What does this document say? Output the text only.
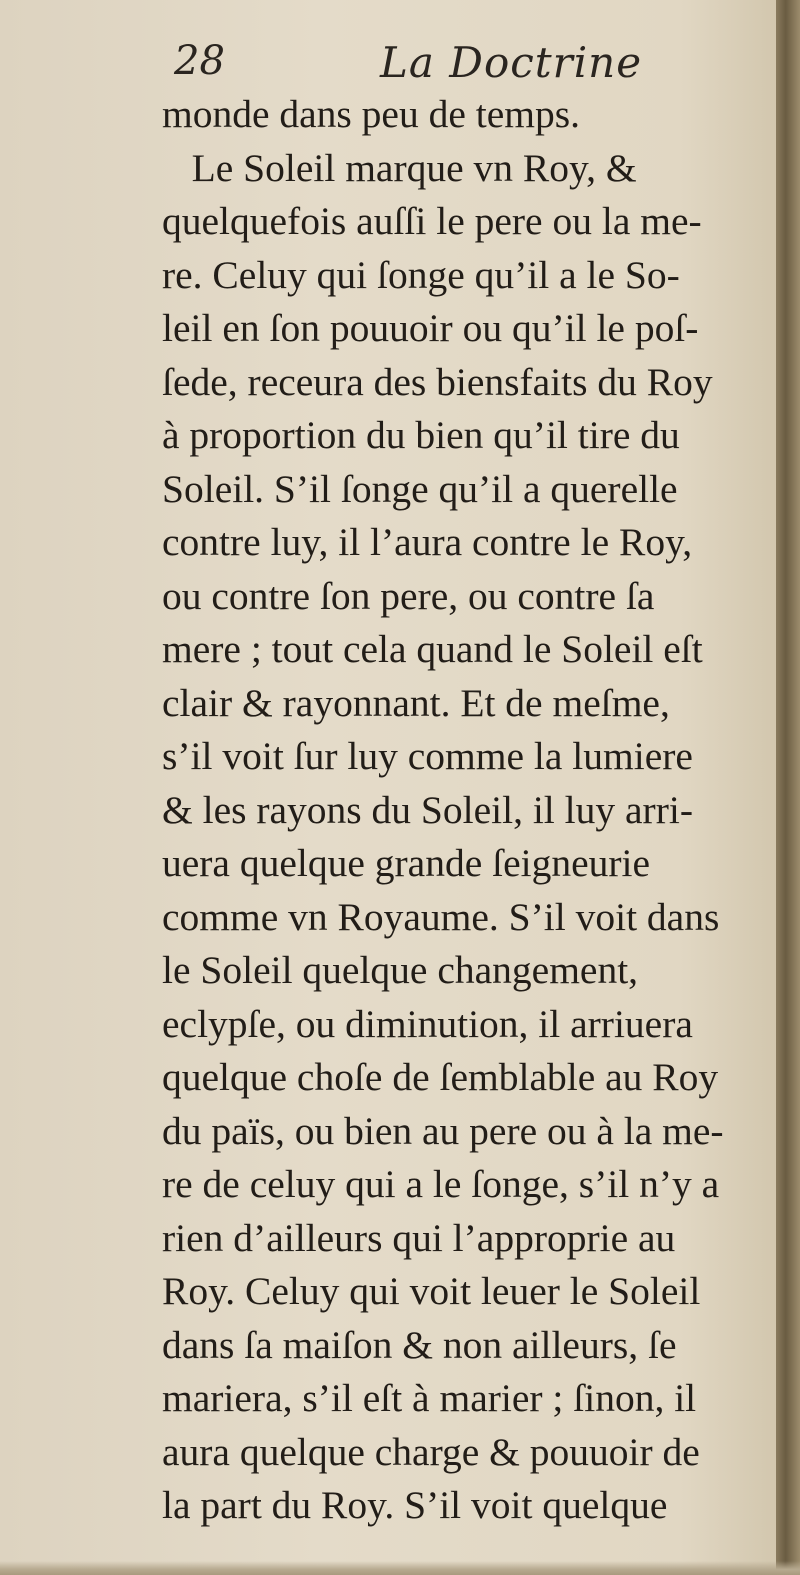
28	La Doctrine
monde dans peu de temps.
Le Soleil marque vn Roy, &
quelquefois auſſi le pere ou la me-
re. Celuy qui ſonge qu’il a le So-
leil en ſon pouuoir ou qu’il le poſ-
ſede, receura des biensfaits du Roy
à proportion du bien qu’il tire du
Soleil. S’il ſonge qu’il a querelle
contre luy, il l’aura contre le Roy,
ou contre ſon pere, ou contre ſa
mere ; tout cela quand le Soleil eſt
clair & rayonnant. Et de meſme,
s’il voit ſur luy comme la lumiere
& les rayons du Soleil, il luy arri-
uera quelque grande ſeigneurie
comme vn Royaume. S’il voit dans
le Soleil quelque changement,
eclypſe, ou diminution, il arriuera
quelque choſe de ſemblable au Roy
du païs, ou bien au pere ou à la me-
re de celuy qui a le ſonge, s’il n’y a
rien d’ailleurs qui l’approprie au
Roy. Celuy qui voit leuer le Soleil
dans ſa maiſon & non ailleurs, ſe
mariera, s’il eſt à marier ; ſinon, il
aura quelque charge & pouuoir de
la part du Roy. S’il voit quelque
